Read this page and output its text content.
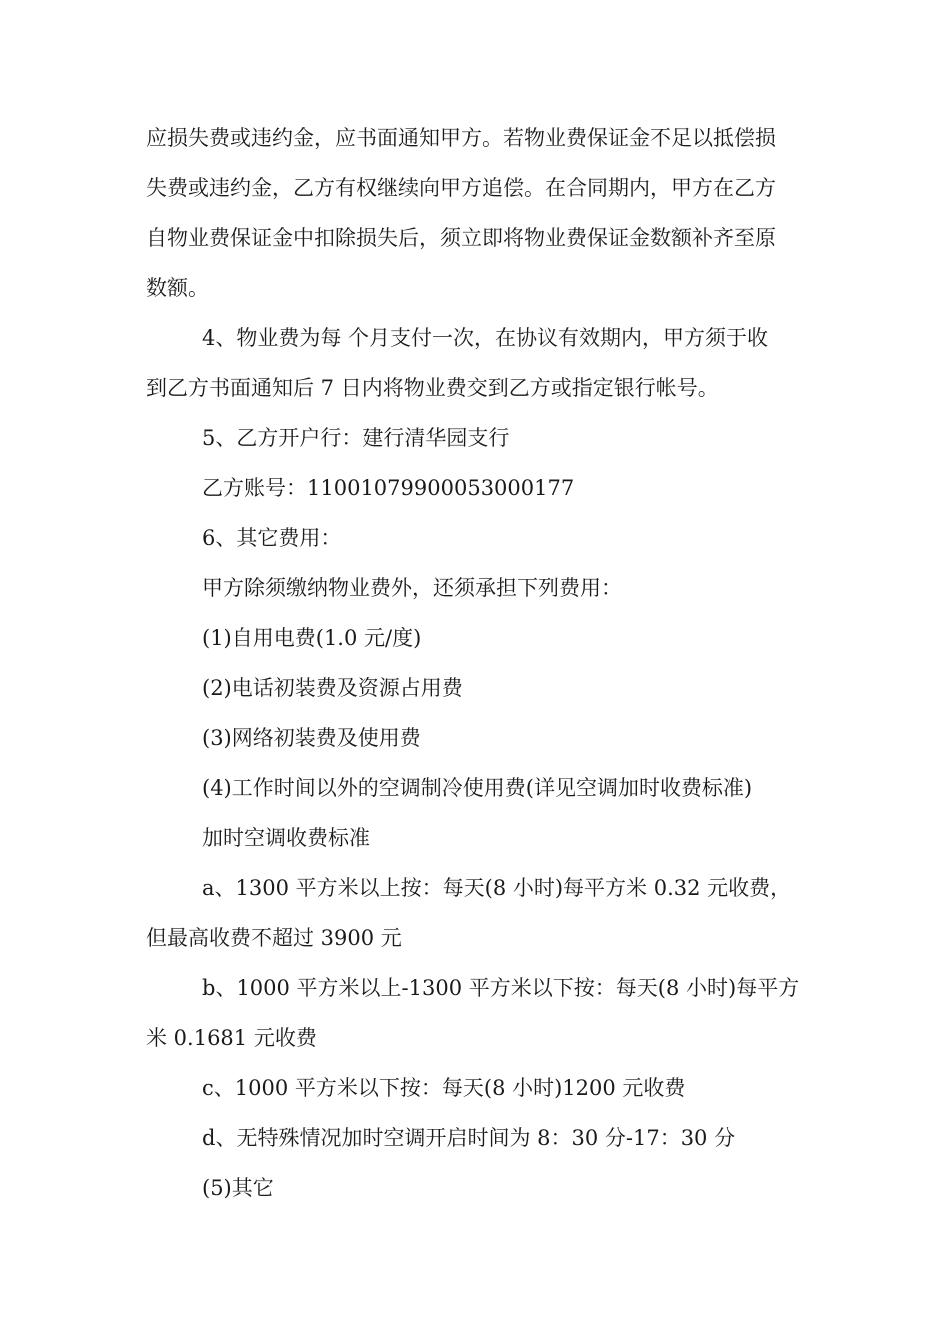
应损失费或违约金，应书面通知甲方。若物业费保证金不足以抵偿损
失费或违约金，乙方有权继续向甲方追偿。在合同期内，甲方在乙方
自物业费保证金中扣除损失后，须立即将物业费保证金数额补齐至原
数额。
4、物业费为每 个月支付一次，在协议有效期内，甲方须于收
到乙方书面通知后 7 日内将物业费交到乙方或指定银行帐号。
5、乙方开户行：建行清华园支行
乙方账号：11001079900053000177
6、其它费用：
甲方除须缴纳物业费外，还须承担下列费用：
(1)自用电费(1.0 元/度)
(2)电话初装费及资源占用费
(3)网络初装费及使用费
(4)工作时间以外的空调制冷使用费(详见空调加时收费标准)
加时空调收费标准
a、1300 平方米以上按：每天(8 小时)每平方米 0.32 元收费，
但最高收费不超过 3900 元
b、1000 平方米以上-1300 平方米以下按：每天(8 小时)每平方
米 0.1681 元收费
c、1000 平方米以下按：每天(8 小时)1200 元收费
d、无特殊情况加时空调开启时间为 8：30 分-17：30 分
(5)其它
